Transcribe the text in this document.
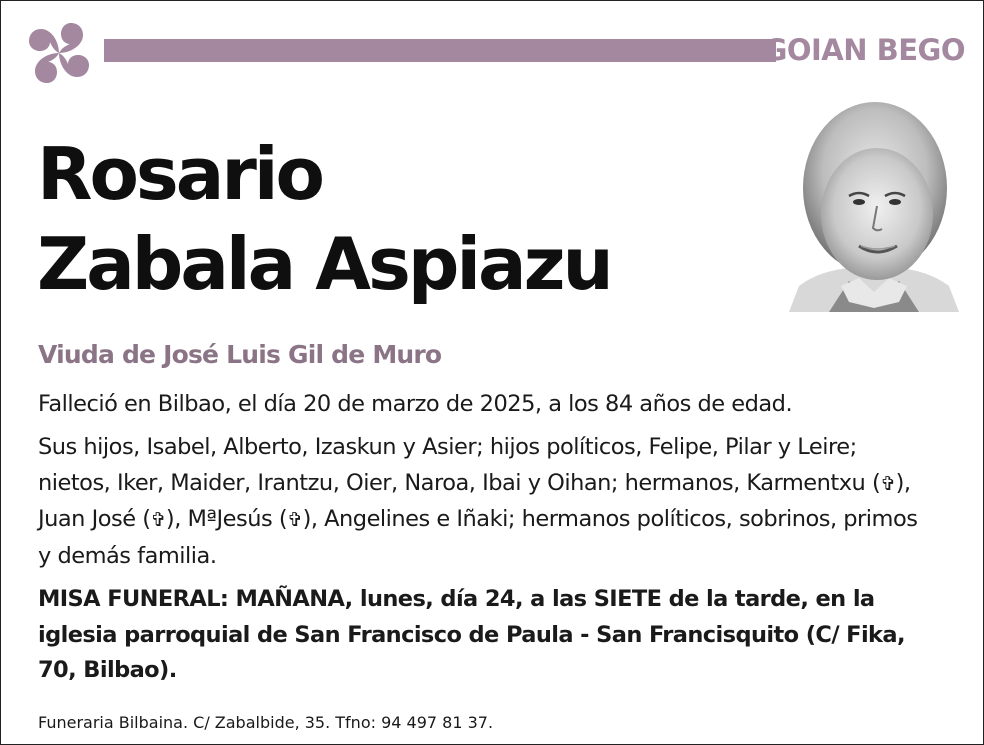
GOIAN BEGO
Rosario
Zabala Aspiazu
Viuda de José Luis Gil de Muro
Falleció en Bilbao, el día 20 de marzo de 2025, a los 84 años de edad.
Sus hijos, Isabel, Alberto, Izaskun y Asier; hijos políticos, Felipe, Pilar y Leire; nietos, Iker, Maider, Irantzu, Oier, Naroa, Ibai y Oihan; hermanos, Karmentxu (✞), Juan José (✞), MªJesús (✞), Angelines e Iñaki; hermanos políticos, sobrinos, primos y demás familia.
MISA FUNERAL: MAÑANA, lunes, día 24, a las SIETE de la tarde, en la iglesia parroquial de San Francisco de Paula - San Francisquito (C/ Fika, 70, Bilbao).
Funeraria Bilbaina. C/ Zabalbide, 35. Tfno: 94 497 81 37.
